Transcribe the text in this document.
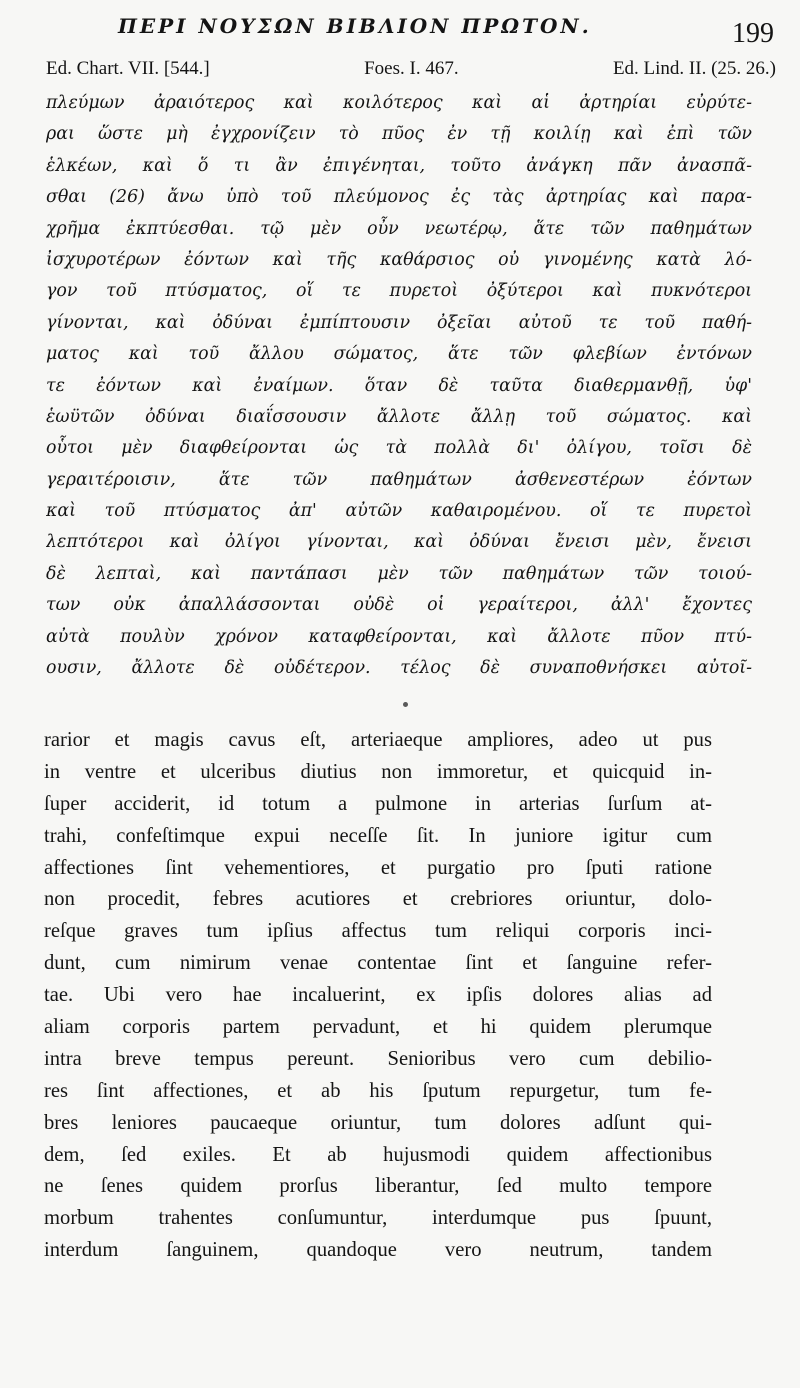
ΠΕΡΙ ΝΟΥΣΩΝ ΒΙΒΛΙΟΝ ΠΡΩΤΟΝ.	199
Ed. Chart. VII. [544.]	Foes. I. 467.	Ed. Lind. II. (25. 26.)
πλεύμων ἀραιότερος καὶ κοιλότερος καὶ αἱ ἀρτηρίαι εὐρύτε-
ραι ὥστε μὴ ἐγχρονίζειν τὸ πῦος ἐν τῇ κοιλίῃ καὶ ἐπὶ τῶν
ἑλκέων, καὶ ὅ τι ἂν ἐπιγένηται, τοῦτο ἀνάγκη πᾶν ἀνασπᾶ-
σθαι (26) ἄνω ὑπὸ τοῦ πλεύμονος ἐς τὰς ἀρτηρίας καὶ παρα-
χρῆμα ἐκπτύεσθαι. τῷ μὲν οὖν νεωτέρῳ, ἅτε τῶν παθημάτων
ἰσχυροτέρων ἐόντων καὶ τῆς καθάρσιος οὐ γινομένης κατὰ λό-
γον τοῦ πτύσματος, οἵ τε πυρετοὶ ὀξύτεροι καὶ πυκνότεροι
γίνονται, καὶ ὀδύναι ἐμπίπτουσιν ὀξεῖαι αὐτοῦ τε τοῦ παθή-
ματος καὶ τοῦ ἄλλου σώματος, ἅτε τῶν φλεβίων ἐντόνων
τε ἐόντων καὶ ἐναίμων. ὅταν δὲ ταῦτα διαθερμανθῇ, ὑφ'
ἑωϋτῶν ὀδύναι διαΐσσουσιν ἄλλοτε ἄλλῃ τοῦ σώματος. καὶ
οὗτοι μὲν διαφθείρονται ὡς τὰ πολλὰ δι' ὀλίγου, τοῖσι δὲ
γεραιτέροισιν, ἅτε τῶν παθημάτων ἀσθενεστέρων ἐόντων
καὶ τοῦ πτύσματος ἀπ' αὐτῶν καθαιρομένου. οἵ τε πυρετοὶ
λεπτότεροι καὶ ὀλίγοι γίνονται, καὶ ὀδύναι ἔνεισι μὲν, ἔνεισι
δὲ λεπταὶ, καὶ παντάπασι μὲν τῶν παθημάτων τῶν τοιού-
των οὐκ ἀπαλλάσσονται οὐδὲ οἱ γεραίτεροι, ἀλλ' ἔχοντες
αὐτὰ πουλὺν χρόνον καταφθείρονται, καὶ ἄλλοτε πῦον πτύ-
ουσιν, ἄλλοτε δὲ οὐδέτερον. τέλος δὲ συναποθνήσκει αὐτοῖ-
rarior et magis cavus eſt, arteriaeque ampliores, adeo ut pus
in ventre et ulceribus diutius non immoretur, et quicquid in-
ſuper acciderit, id totum a pulmone in arterias ſurſum at-
trahi, confeſtimque expui neceſſe ſit. In juniore igitur cum
affectiones ſint vehementiores, et purgatio pro ſputi ratione
non procedit, febres acutiores et crebriores oriuntur, dolo-
reſque graves tum ipſius affectus tum reliqui corporis inci-
dunt, cum nimirum venae contentae ſint et ſanguine refer-
tae. Ubi vero hae incaluerint, ex ipſis dolores alias ad
aliam corporis partem pervadunt, et hi quidem plerumque
intra breve tempus pereunt. Senioribus vero cum debilio-
res ſint affectiones, et ab his ſputum repurgetur, tum fe-
bres leniores paucaeque oriuntur, tum dolores adſunt qui-
dem, ſed exiles. Et ab hujusmodi quidem affectionibus
ne ſenes quidem prorſus liberantur, ſed multo tempore
morbum trahentes conſumuntur, interdumque pus ſpuunt,
interdum ſanguinem, quandoque vero neutrum, tandem
